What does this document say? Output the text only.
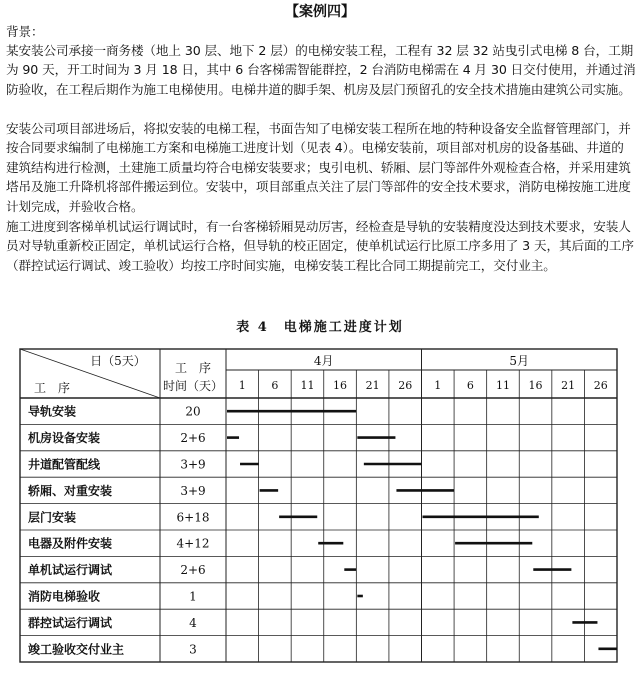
【案例四】

背景：

某安装公司承接一商务楼（地上 30 层、地下 2 层）的电梯安装工程，工程有 32 层 32 站曳引式电梯 8 台，工期为 90 天，开工时间为 3 月 18 日，其中 6 台客梯需智能群控，2 台消防电梯需在 4 月 30 日交付使用，并通过消防验收，在工程后期作为施工电梯使用。电梯井道的脚手架、机房及层门预留孔的安全技术措施由建筑公司实施。

安装公司项目部进场后，将拟安装的电梯工程，书面告知了电梯安装工程所在地的特种设备安全监督管理部门，并按合同要求编制了电梯施工方案和电梯施工进度计划（见表 4）。电梯安装前，项目部对机房的设备基础、井道的建筑结构进行检测，土建施工质量均符合电梯安装要求；曳引电机、轿厢、层门等部件外观检查合格，并采用建筑塔吊及施工升降机将部件搬运到位。安装中，项目部重点关注了层门等部件的安全技术要求，消防电梯按施工进度计划完成，并验收合格。

施工进度到客梯单机试运行调试时，有一台客梯轿厢晃动厉害，经检查是导轨的安装精度没达到技术要求，安装人员对导轨重新校正固定，单机试运行合格，但导轨的校正固定，使单机试运行比原工序多用了 3 天，其后面的工序（群控试运行调试、竣工验收）均按工序时间实施，电梯安装工程比合同工期提前完工，交付业主。

表 4　电梯施工进度计划
日（5天）
工　序
工　序
时间（天）
4月	5月
1 6 11 16 21 26 1 6 11 16 21 26
导轨安装	20
机房设备安装	2+6
井道配管配线	3+9
轿厢、对重安装	3+9
层门安装	6+18
电器及附件安装	4+12
单机试运行调试	2+6
消防电梯验收	1
群控试运行调试	4
竣工验收交付业主	3
